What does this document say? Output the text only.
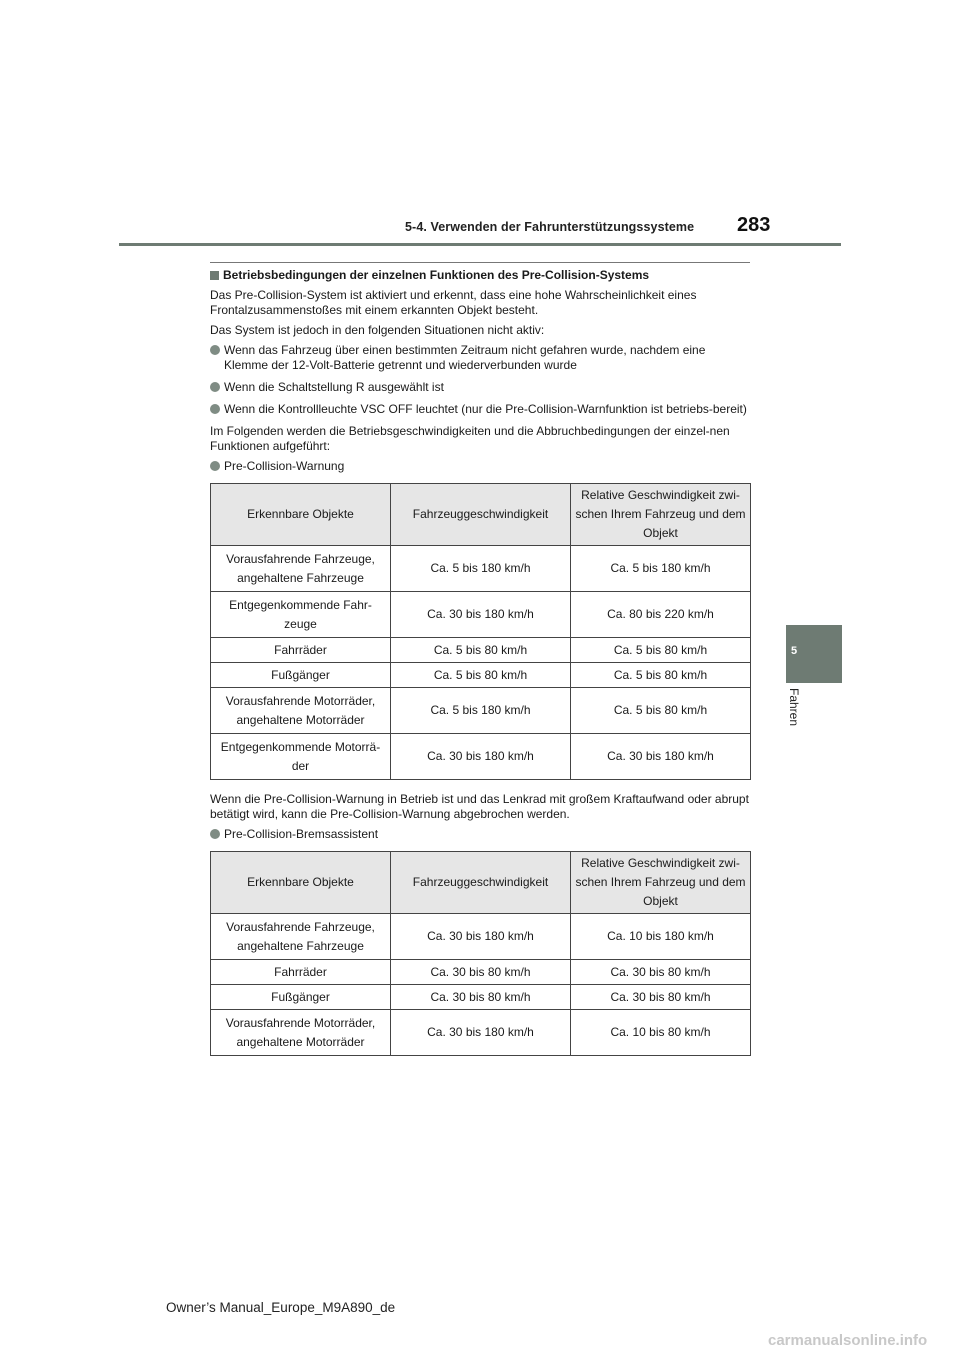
5-4. Verwenden der Fahrunterstützungssysteme 283
5
Fahren
Betriebsbedingungen der einzelnen Funktionen des Pre-Collision-Systems

Das Pre-Collision-System ist aktiviert und erkennt, dass eine hohe Wahrscheinlichkeit eines Frontalzusammenstoßes mit einem erkannten Objekt besteht.

Das System ist jedoch in den folgenden Situationen nicht aktiv:

Wenn das Fahrzeug über einen bestimmten Zeitraum nicht gefahren wurde, nachdem eine Klemme der 12-Volt-Batterie getrennt und wiederverbunden wurde
Wenn die Schaltstellung R ausgewählt ist
Wenn die Kontrollleuchte VSC OFF leuchtet (nur die Pre-Collision-Warnfunktion ist betriebs-bereit)

Im Folgenden werden die Betriebsgeschwindigkeiten und die Abbruchbedingungen der einzel-nen Funktionen aufgeführt:

Pre-Collision-Warnung
Erkennbare Objekte	Fahrzeuggeschwindigkeit	Relative Geschwindigkeit zwi-schen Ihrem Fahrzeug und dem Objekt
Vorausfahrende Fahrzeuge, angehaltene Fahrzeuge	Ca. 5 bis 180 km/h	Ca. 5 bis 180 km/h
Entgegenkommende Fahr-zeuge	Ca. 30 bis 180 km/h	Ca. 80 bis 220 km/h
Fahrräder	Ca. 5 bis 80 km/h	Ca. 5 bis 80 km/h
Fußgänger	Ca. 5 bis 80 km/h	Ca. 5 bis 80 km/h
Vorausfahrende Motorräder, angehaltene Motorräder	Ca. 5 bis 180 km/h	Ca. 5 bis 80 km/h
Entgegenkommende Motorrä-der	Ca. 30 bis 180 km/h	Ca. 30 bis 180 km/h

Wenn die Pre-Collision-Warnung in Betrieb ist und das Lenkrad mit großem Kraftaufwand oder abrupt betätigt wird, kann die Pre-Collision-Warnung abgebrochen werden.

Pre-Collision-Bremsassistent
Erkennbare Objekte	Fahrzeuggeschwindigkeit	Relative Geschwindigkeit zwi-schen Ihrem Fahrzeug und dem Objekt
Vorausfahrende Fahrzeuge, angehaltene Fahrzeuge	Ca. 30 bis 180 km/h	Ca. 10 bis 180 km/h
Fahrräder	Ca. 30 bis 80 km/h	Ca. 30 bis 80 km/h
Fußgänger	Ca. 30 bis 80 km/h	Ca. 30 bis 80 km/h
Vorausfahrende Motorräder, angehaltene Motorräder	Ca. 30 bis 180 km/h	Ca. 10 bis 80 km/h
Owner’s Manual_Europe_M9A890_de
carmanualsonline.info
